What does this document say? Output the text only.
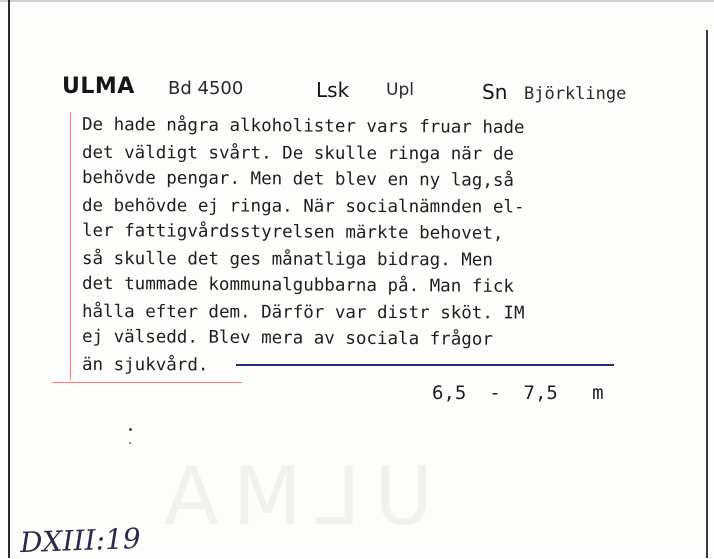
ULMA
ULMA Bd 4500	Lsk Upl	Sn Björklinge
De hade några alkoholister vars fruar hade
det väldigt svårt. De skulle ringa när de
behövde pengar. Men det blev en ny lag,så
de behövde ej ringa. När socialnämnden el-
ler fattigvårdsstyrelsen märkte behovet,
så skulle det ges månatliga bidrag. Men
det tummade kommunalgubbarna på. Man fick
hålla efter dem. Därför var distr sköt. IM
ej välsedd. Blev mera av sociala frågor
än sjukvård.
6,5  -  7,5   m
DXIII:19
